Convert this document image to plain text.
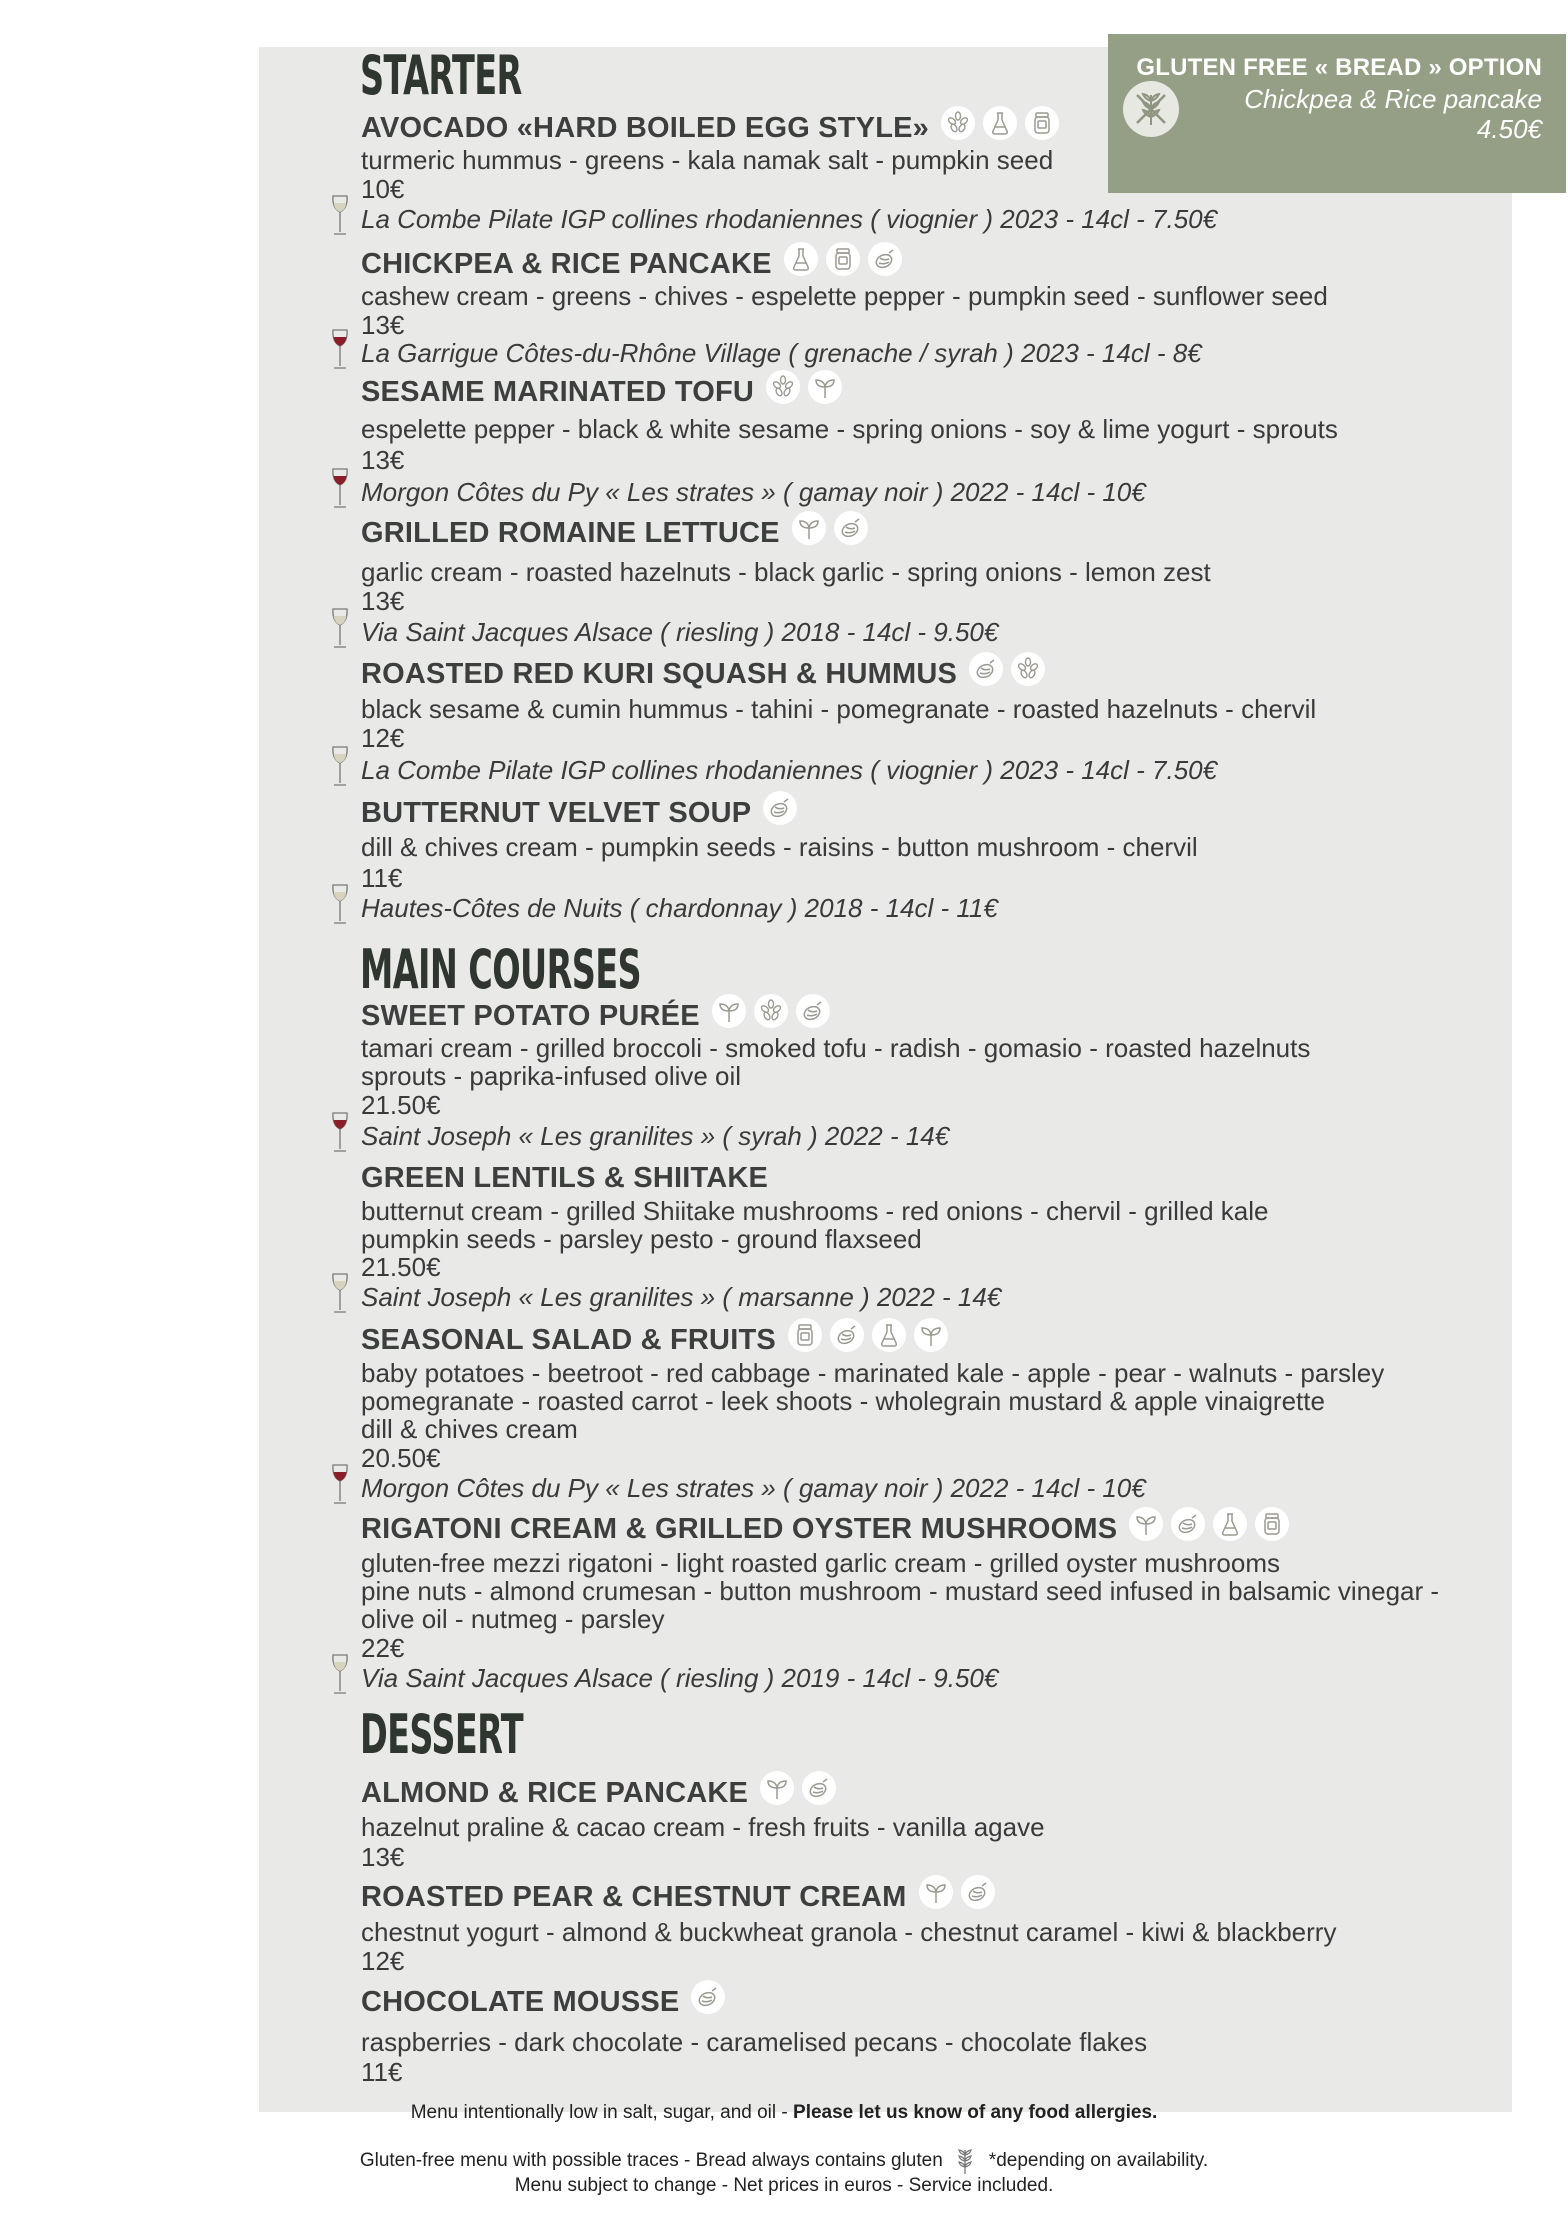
GLUTEN FREE « BREAD » OPTION
Chickpea & Rice pancake
4.50€
STARTER
AVOCADO «HARD BOILED EGG STYLE»
turmeric hummus - greens - kala namak salt - pumpkin seed
10€
La Combe Pilate IGP collines rhodaniennes ( viognier ) 2023 - 14cl - 7.50€
CHICKPEA & RICE PANCAKE
cashew cream - greens - chives - espelette pepper - pumpkin seed - sunflower seed
13€
La Garrigue Côtes-du-Rhône Village ( grenache / syrah ) 2023 - 14cl - 8€
SESAME MARINATED TOFU
espelette pepper - black & white sesame - spring onions - soy & lime yogurt - sprouts
13€
Morgon Côtes du Py « Les strates » ( gamay noir ) 2022 - 14cl - 10€
GRILLED ROMAINE LETTUCE
garlic cream - roasted hazelnuts - black garlic - spring onions - lemon zest
13€
Via Saint Jacques Alsace ( riesling ) 2018 - 14cl - 9.50€
ROASTED RED KURI SQUASH & HUMMUS
black sesame & cumin hummus - tahini - pomegranate - roasted hazelnuts - chervil
12€
La Combe Pilate IGP collines rhodaniennes ( viognier ) 2023 - 14cl - 7.50€
BUTTERNUT VELVET SOUP
dill & chives cream - pumpkin seeds - raisins - button mushroom - chervil
11€
Hautes-Côtes de Nuits ( chardonnay ) 2018 - 14cl - 11€
MAIN COURSES
SWEET POTATO PURÉE
tamari cream - grilled broccoli - smoked tofu - radish - gomasio - roasted hazelnuts
sprouts - paprika-infused olive oil
21.50€
Saint Joseph « Les granilites » ( syrah ) 2022 - 14€
GREEN LENTILS & SHIITAKE
butternut cream - grilled Shiitake mushrooms - red onions - chervil - grilled kale
pumpkin seeds - parsley pesto - ground flaxseed
21.50€
Saint Joseph « Les granilites » ( marsanne ) 2022 - 14€
SEASONAL SALAD & FRUITS
baby potatoes - beetroot - red cabbage - marinated kale - apple - pear - walnuts - parsley
pomegranate - roasted carrot - leek shoots - wholegrain mustard & apple vinaigrette
dill & chives cream
20.50€
Morgon Côtes du Py « Les strates » ( gamay noir ) 2022 - 14cl - 10€
RIGATONI CREAM & GRILLED OYSTER MUSHROOMS
gluten-free mezzi rigatoni - light roasted garlic cream - grilled oyster mushrooms
pine nuts - almond crumesan - button mushroom - mustard seed infused in balsamic vinegar -
olive oil - nutmeg - parsley
22€
Via Saint Jacques Alsace ( riesling ) 2019 - 14cl - 9.50€
DESSERT
ALMOND & RICE PANCAKE
hazelnut praline & cacao cream - fresh fruits - vanilla agave
13€
ROASTED PEAR & CHESTNUT CREAM
chestnut yogurt - almond & buckwheat granola - chestnut caramel - kiwi & blackberry
12€
CHOCOLATE MOUSSE
raspberries - dark chocolate - caramelised pecans - chocolate flakes
11€
Menu intentionally low in salt, sugar, and oil - Please let us know of any food allergies.
Gluten-free menu with possible traces - Bread always contains gluten *depending on availability.
Menu subject to change - Net prices in euros - Service included.
